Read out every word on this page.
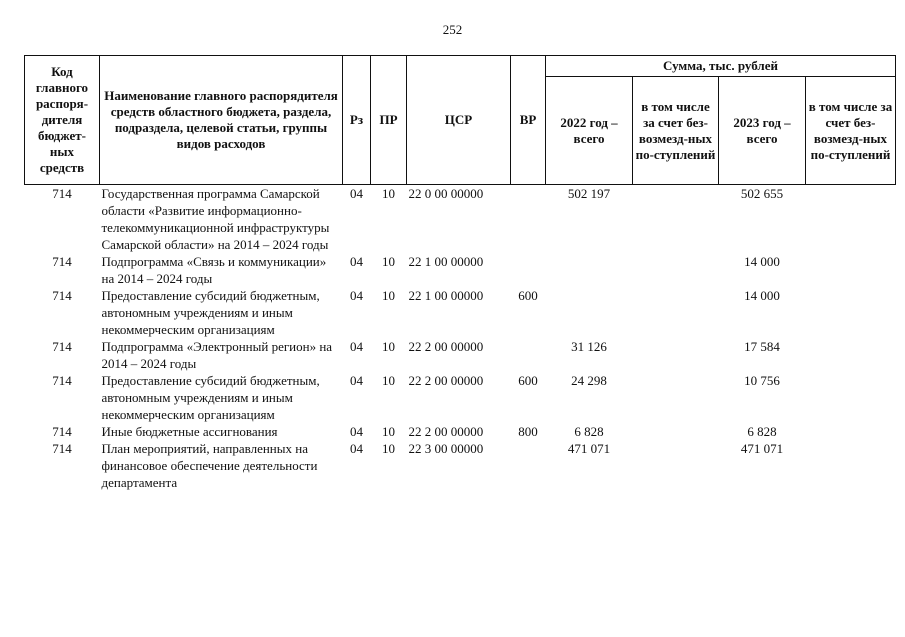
252
Код главного распоря-дителя бюджет-ных средств	Наименование главного распорядителя средств областного бюджета, раздела, подраздела, целевой статьи, группы видов расходов	Рз	ПР	ЦСР	ВР	Сумма, тыс. рублей			
						2022 год – всего	в том числе за счет без-возмезд-ных по-ступлений	2023 год – всего	в том числе за счет без-возмезд-ных по-ступлений
714	Государственная программа Самарской области «Развитие информационно-телекоммуникационной инфраструктуры Самарской области» на 2014 – 2024 годы	04	10	22 0 00 00000		502 197		502 655	
714	Подпрограмма «Связь и коммуникации» на 2014 – 2024 годы	04	10	22 1 00 00000				14 000	
714	Предоставление субсидий бюджетным, автономным учреждениям и иным некоммерческим организациям	04	10	22 1 00 00000	600			14 000	
714	Подпрограмма «Электронный регион» на 2014 – 2024 годы	04	10	22 2 00 00000		31 126		17 584	
714	Предоставление субсидий бюджетным, автономным учреждениям и иным некоммерческим организациям	04	10	22 2 00 00000	600	24 298		10 756	
714	Иные бюджетные ассигнования	04	10	22 2 00 00000	800	6 828		6 828	
714	План мероприятий, направленных на финансовое обеспечение деятельности департамента	04	10	22 3 00 00000		471 071		471 071	
